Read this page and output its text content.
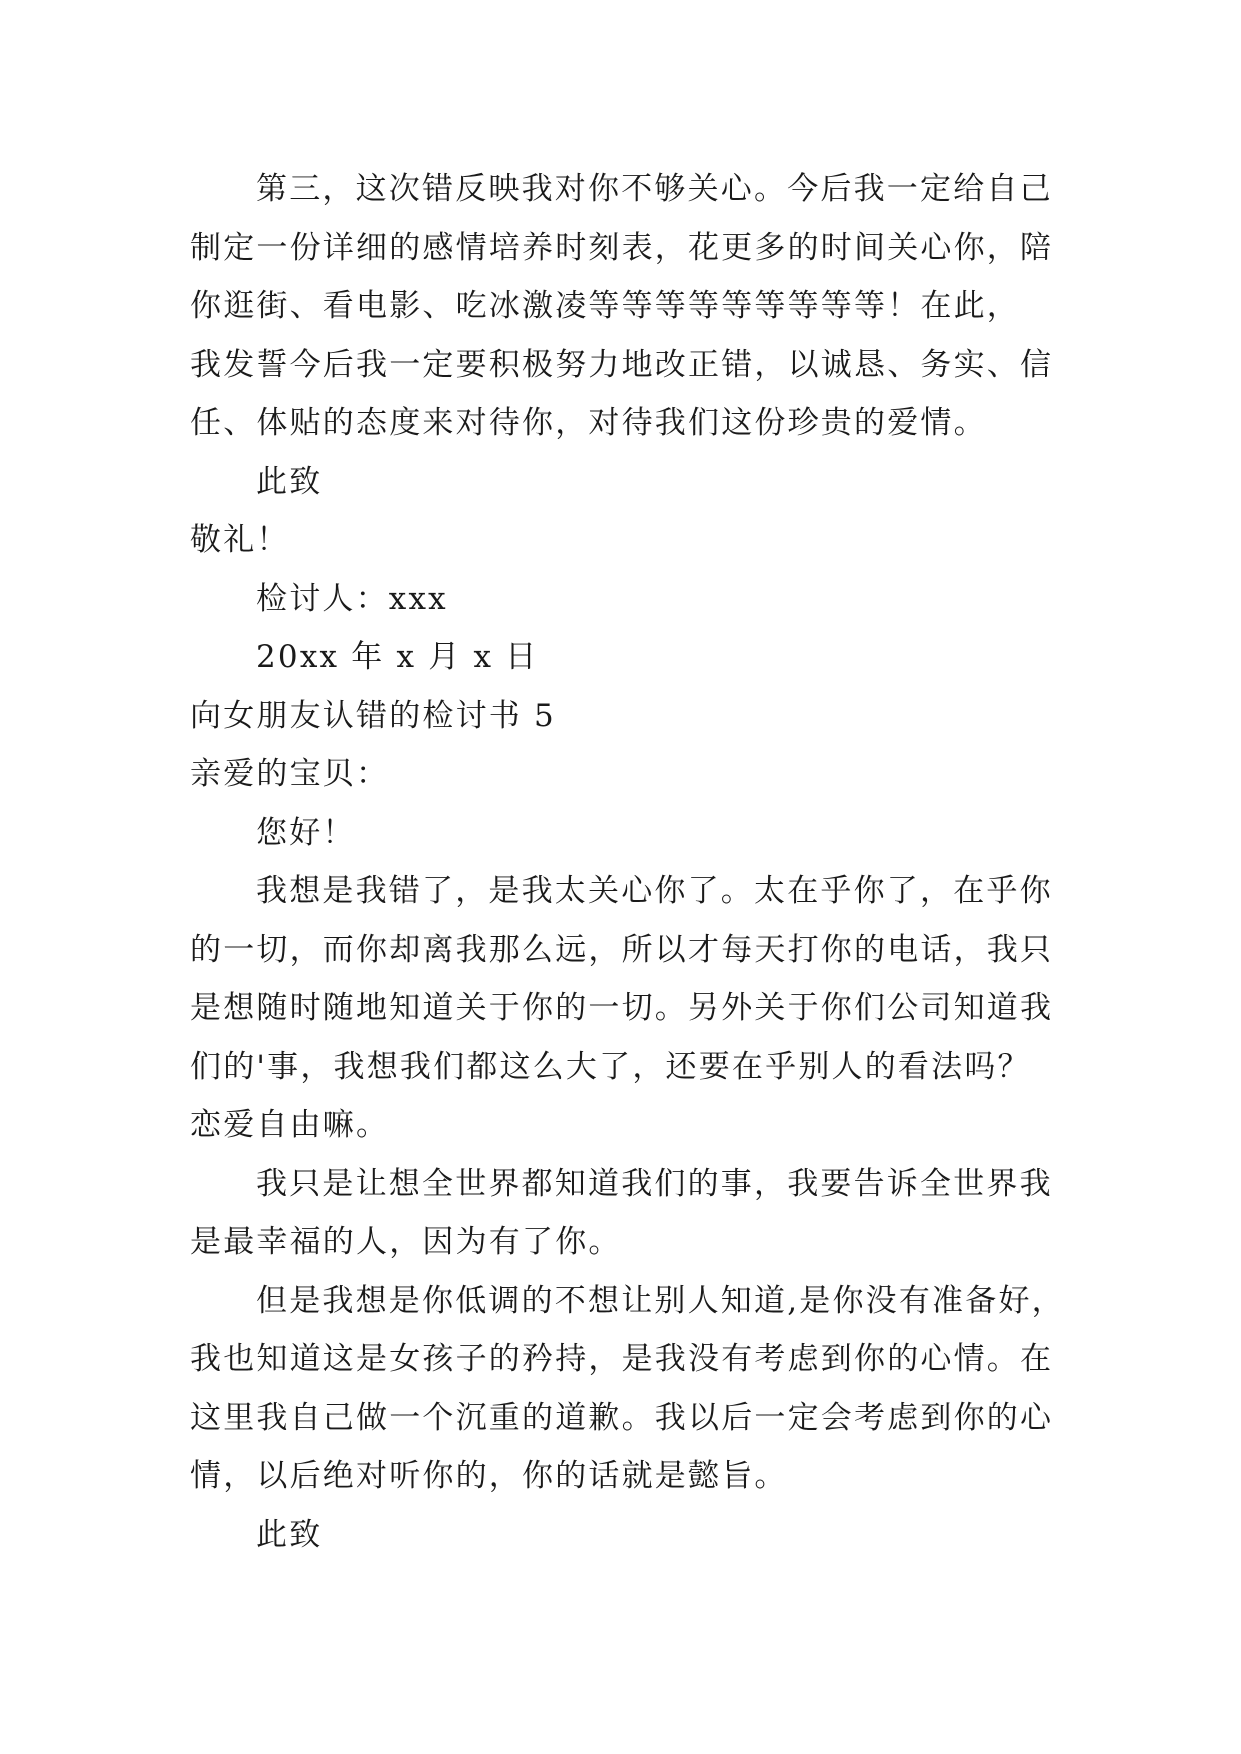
第三，这次错反映我对你不够关心。今后我一定给自己
制定一份详细的感情培养时刻表，花更多的时间关心你，陪
你逛街、看电影、吃冰激凌等等等等等等等等等！在此，
我发誓今后我一定要积极努力地改正错，以诚恳、务实、信
任、体贴的态度来对待你，对待我们这份珍贵的爱情。
此致
敬礼！
检讨人：xxx
20xx 年 x 月 x 日
向女朋友认错的检讨书 5
亲爱的宝贝：
您好！
我想是我错了，是我太关心你了。太在乎你了，在乎你
的一切，而你却离我那么远，所以才每天打你的电话，我只
是想随时随地知道关于你的一切。另外关于你们公司知道我
们的'事，我想我们都这么大了，还要在乎别人的看法吗？
恋爱自由嘛。
我只是让想全世界都知道我们的事，我要告诉全世界我
是最幸福的人，因为有了你。
但是我想是你低调的不想让别人知道,是你没有准备好，
我也知道这是女孩子的矜持，是我没有考虑到你的心情。在
这里我自己做一个沉重的道歉。我以后一定会考虑到你的心
情，以后绝对听你的，你的话就是懿旨。
此致
